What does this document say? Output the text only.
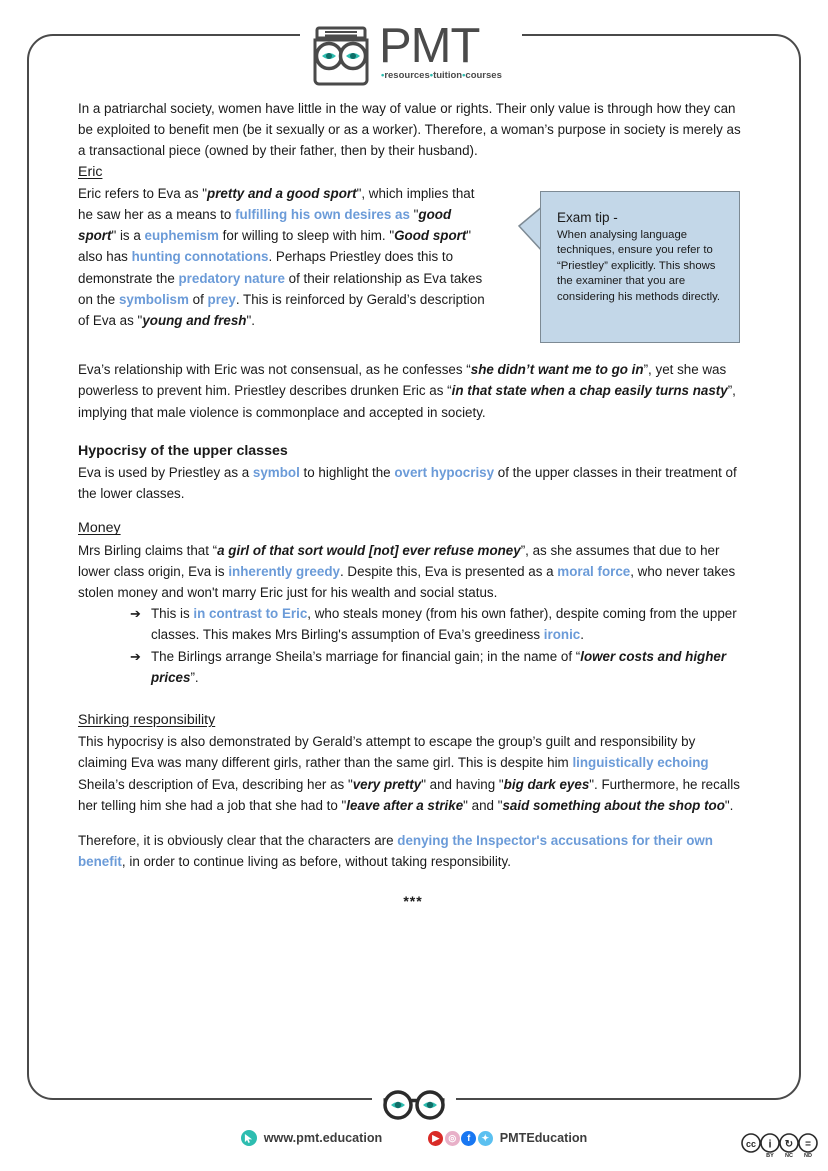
PMT
•resources•tuition•courses

In a patriarchal society, women have little in the way of value or rights. Their only value is through how they can be exploited to benefit men (be it sexually or as a worker). Therefore, a woman’s purpose in society is merely as a transactional piece (owned by their father, then by their husband).

Eric

Eric refers to Eva as "pretty and a good sport", which implies that he saw her as a means to fulfilling his own desires as "good sport" is a euphemism for willing to sleep with him. "Good sport" also has hunting connotations. Perhaps Priestley does this to demonstrate the predatory nature of their relationship as Eva takes on the symbolism of prey. This is reinforced by Gerald’s description of Eva as "young and fresh".

Eva’s relationship with Eric was not consensual, as he confesses “she didn’t want me to go in”, yet she was powerless to prevent him. Priestley describes drunken Eric as “in that state when a chap easily turns nasty”, implying that male violence is commonplace and accepted in society.

Hypocrisy of the upper classes

Eva is used by Priestley as a symbol to highlight the overt hypocrisy of the upper classes in their treatment of the lower classes.

Money

Mrs Birling claims that “a girl of that sort would [not] ever refuse money”, as she assumes that due to her lower class origin, Eva is inherently greedy. Despite this, Eva is presented as a moral force, who never takes stolen money and won't marry Eric just for his wealth and social status.

➔ This is in contrast to Eric, who steals money (from his own father), despite coming from the upper classes. This makes Mrs Birling's assumption of Eva’s greediness ironic.
➔ The Birlings arrange Sheila’s marriage for financial gain; in the name of “lower costs and higher prices”.

Shirking responsibility

This hypocrisy is also demonstrated by Gerald’s attempt to escape the group’s guilt and responsibility by claiming Eva was many different girls, rather than the same girl. This is despite him linguistically echoing Sheila’s description of Eva, describing her as "very pretty" and having "big dark eyes". Furthermore, he recalls her telling him she had a job that she had to "leave after a strike" and "said something about the shop too".

Therefore, it is obviously clear that the characters are denying the Inspector's accusations for their own benefit, in order to continue living as before, without taking responsibility.

***
Exam tip -
When analysing language techniques, ensure you refer to “Priestley” explicitly. This shows the examiner that you are considering his methods directly.
www.pmt.education	▶	◎	f	✦ PMTEducation	cc i ↻ =
BY NC ND
